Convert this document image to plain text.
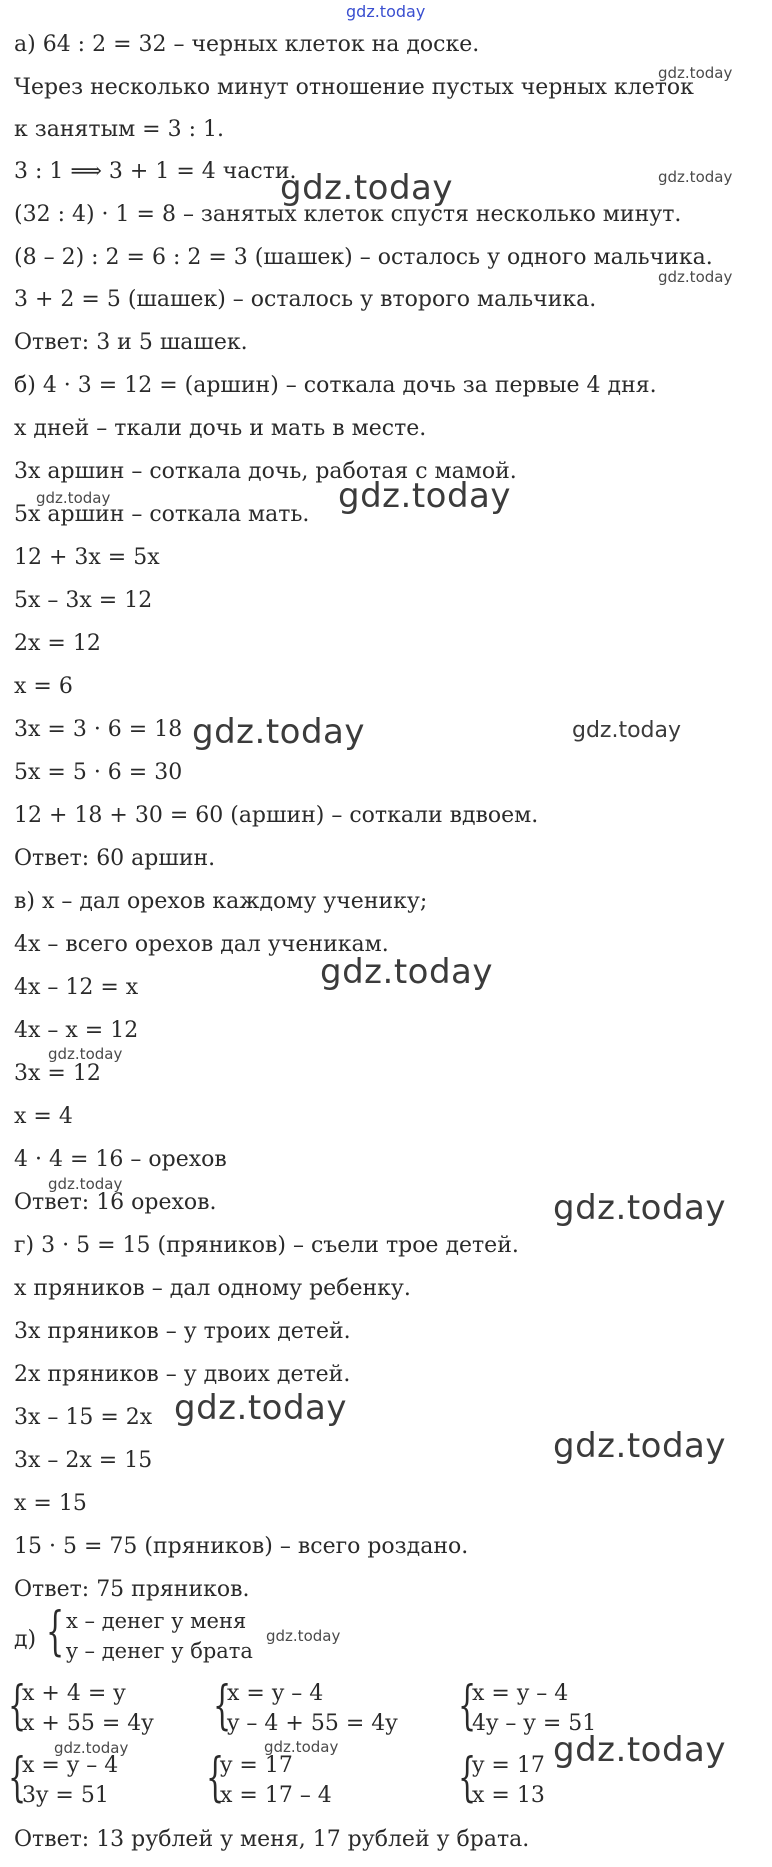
gdz.today
а) 64 : 2 = 32 – черных клеток на доске.
Через несколько минут отношение пустых черных клеток
к занятым = 3 : 1.
3 : 1 ⟹ 3 + 1 = 4 части.
(32 : 4) · 1 = 8 – занятых клеток спустя несколько минут.
(8 – 2) : 2 = 6 : 2 = 3 (шашек) – осталось у одного мальчика.
3 + 2 = 5 (шашек) – осталось у второго мальчика.
Ответ: 3 и 5 шашек.
б) 4 · 3 = 12 = (аршин) – соткала дочь за первые 4 дня.
x дней – ткали дочь и мать в месте.
3x аршин – соткала дочь, работая с мамой.
5x аршин – соткала мать.
12 + 3x = 5x
5x – 3x = 12
2x = 12
x = 6
3x = 3 · 6 = 18
5x = 5 · 6 = 30
12 + 18 + 30 = 60 (аршин) – соткали вдвоем.
Ответ: 60 аршин.
в) x – дал орехов каждому ученику;
4x – всего орехов дал ученикам.
4x – 12 = x
4x – x = 12
3x = 12
x = 4
4 · 4 = 16 – орехов
Ответ: 16 орехов.
г) 3 · 5 = 15 (пряников) – съели трое детей.
x пряников – дал одному ребенку.
3x пряников – у троих детей.
2x пряников – у двоих детей.
3x – 15 = 2x
3x – 2x = 15
x = 15
15 · 5 = 75 (пряников) – всего роздано.
Ответ: 75 пряников.
д) { x – денег у меня
y – денег у брата
{
x + 4 = y
x + 55 = 4y {
x = y – 4
y – 4 + 55 = 4y {
x = y – 4
4y – y = 51
{
x = y – 4
3y = 51 {
y = 17
x = 17 – 4 {
y = 17
x = 13
Ответ: 13 рублей у меня, 17 рублей у брата.
gdz.today
gdz.today
gdz.today
gdz.today
gdz.today	gdz.today
gdz.today	gdz.today
gdz.today
gdz.today
gdz.today
gdz.today
gdz.today
gdz.today
gdz.today
gdz.today	gdz.today	gdz.today
